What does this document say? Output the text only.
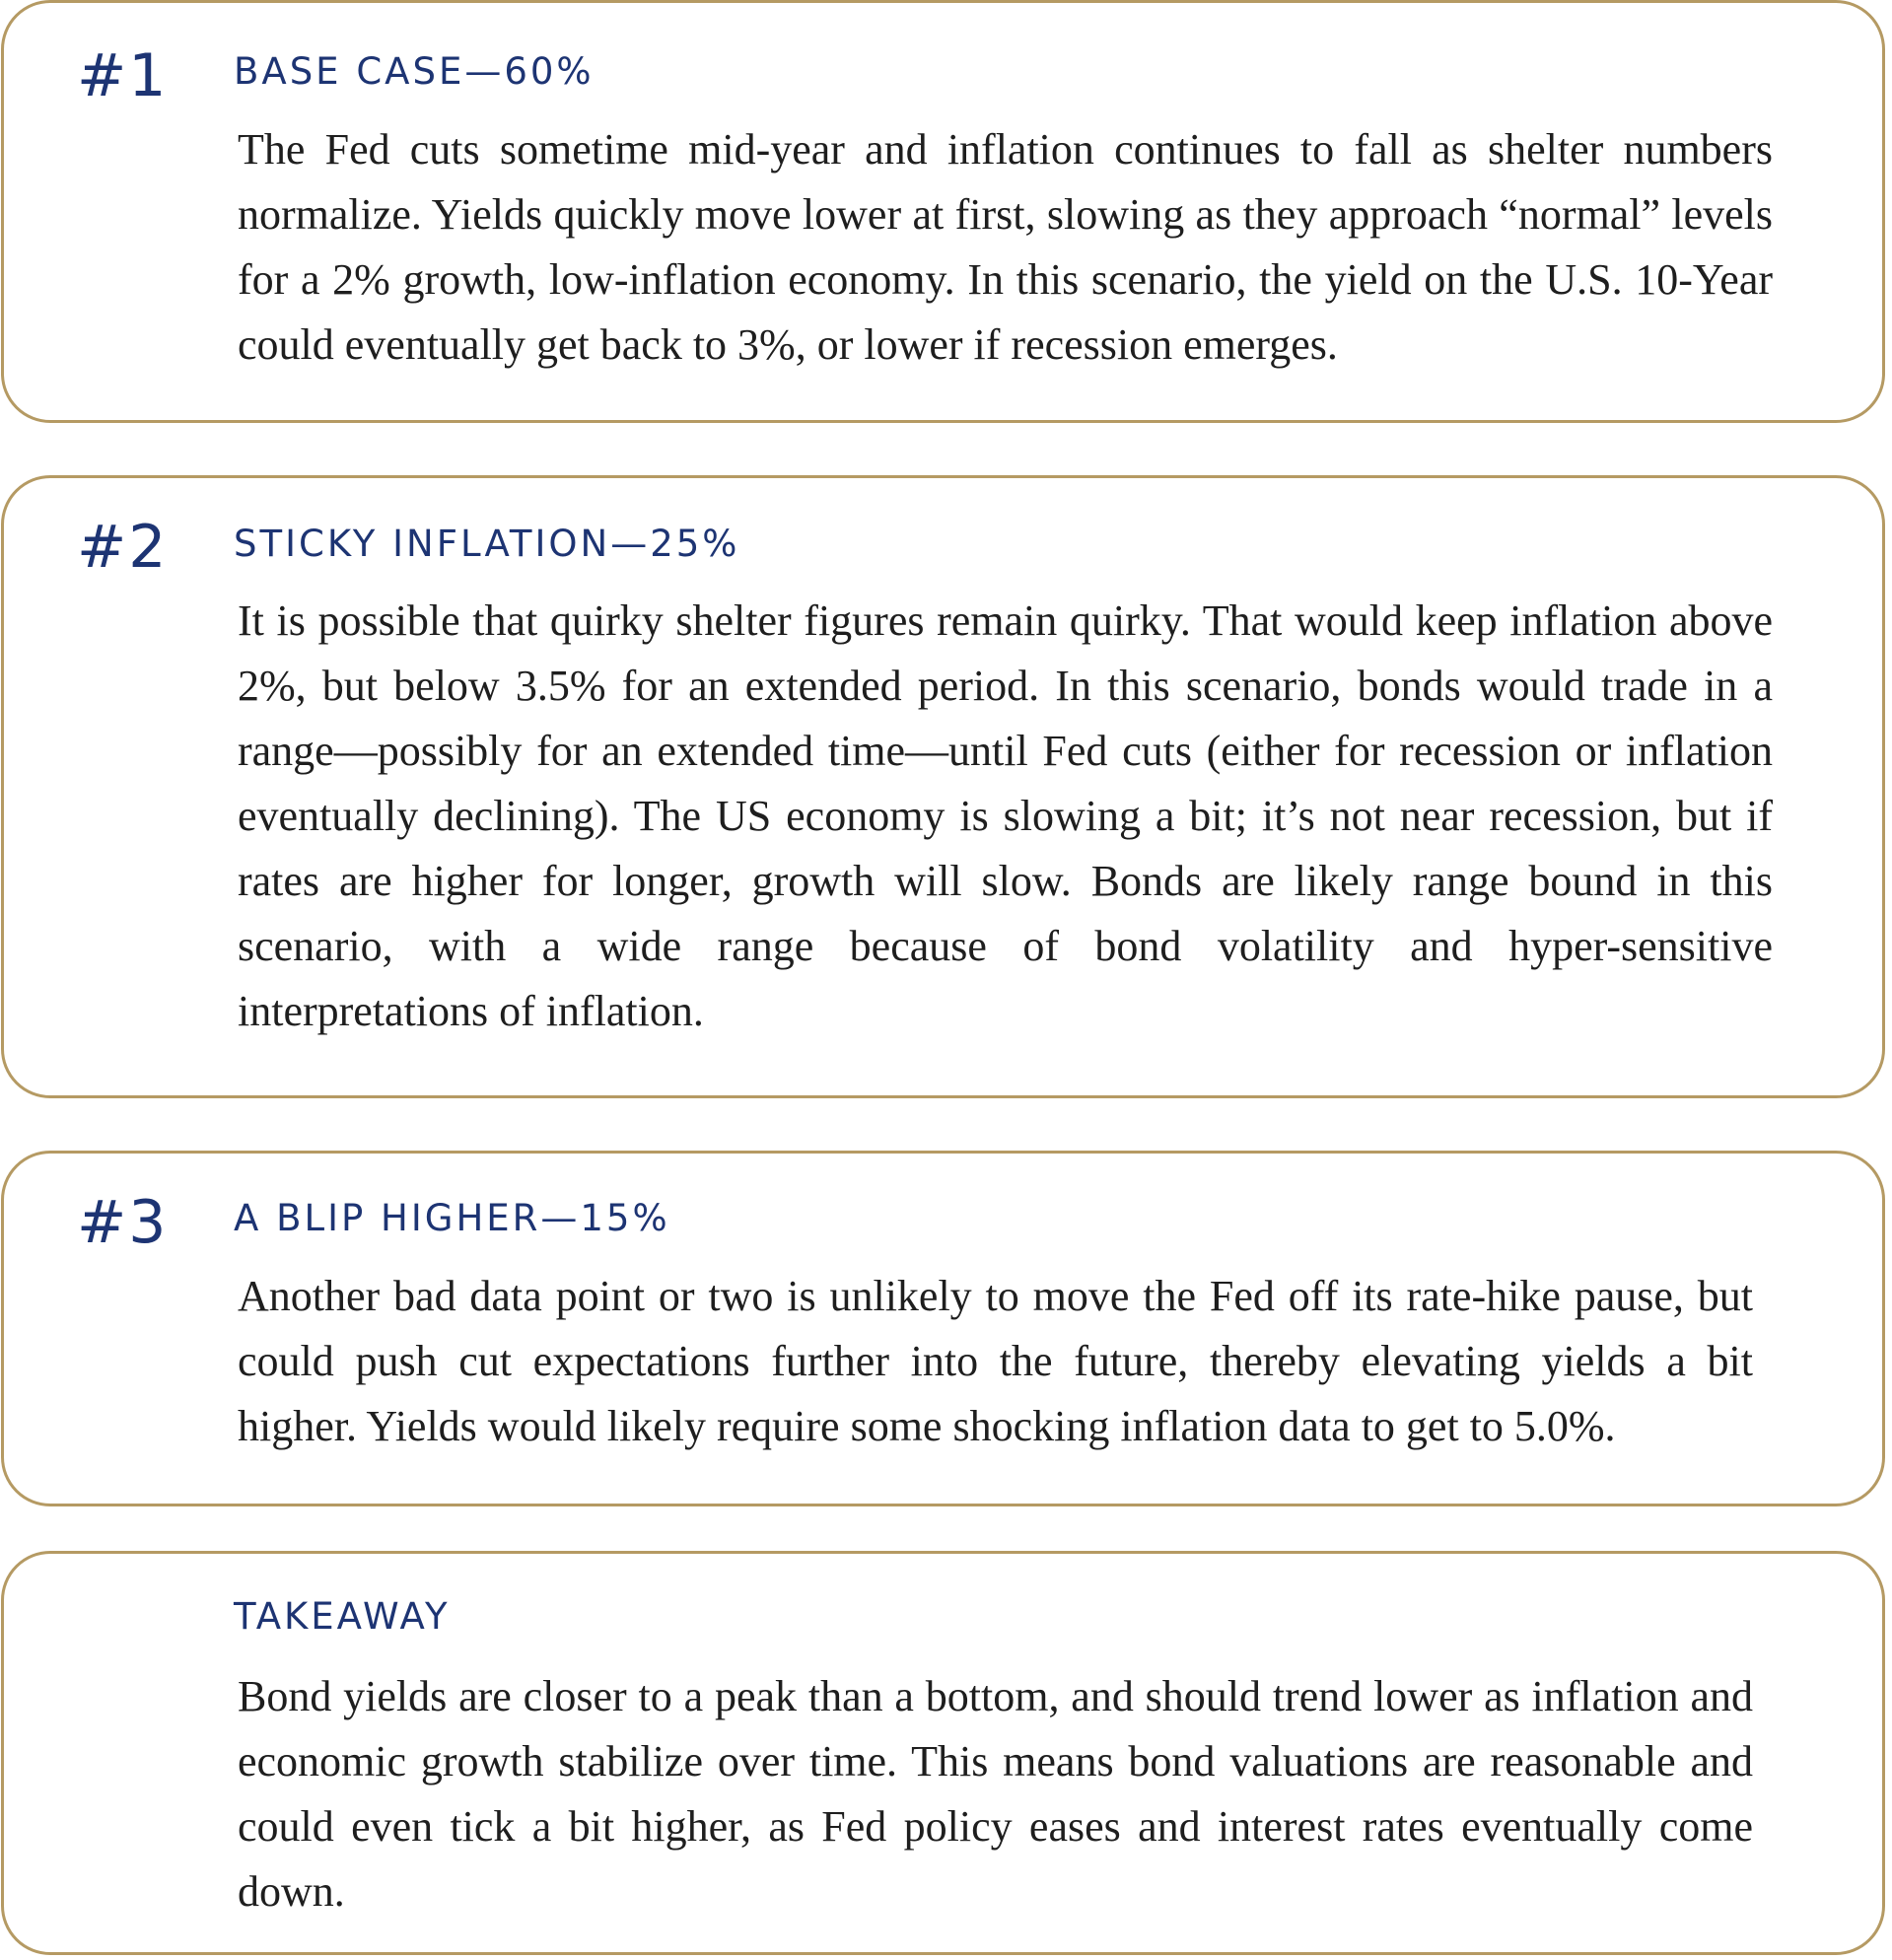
#1 BASE CASE—60%

The Fed cuts sometime mid-year and inflation continues to fall as shelter numbers normalize. Yields quickly move lower at first, slowing as they approach “normal” levels for a 2% growth, low-inflation economy. In this scenario, the yield on the U.S. 10-Year could eventually get back to 3%, or lower if recession emerges.

#2 STICKY INFLATION—25%

It is possible that quirky shelter figures remain quirky. That would keep inflation above 2%, but below 3.5% for an extended period. In this scenario, bonds would trade in a range—possibly for an extended time—until Fed cuts (either for recession or inflation eventually declining). The US economy is slowing a bit; it’s not near recession, but if rates are higher for longer, growth will slow. Bonds are likely range bound in this scenario, with a wide range because of bond volatility and hyper-sensitive interpretations of inflation.

#3 A BLIP HIGHER—15%

Another bad data point or two is unlikely to move the Fed off its rate-hike pause, but could push cut expectations further into the future, thereby elevating yields a bit higher. Yields would likely require some shocking inflation data to get to 5.0%.

TAKEAWAY

Bond yields are closer to a peak than a bottom, and should trend lower as inflation and economic growth stabilize over time. This means bond valuations are reasonable and could even tick a bit higher, as Fed policy eases and interest rates eventually come down.
